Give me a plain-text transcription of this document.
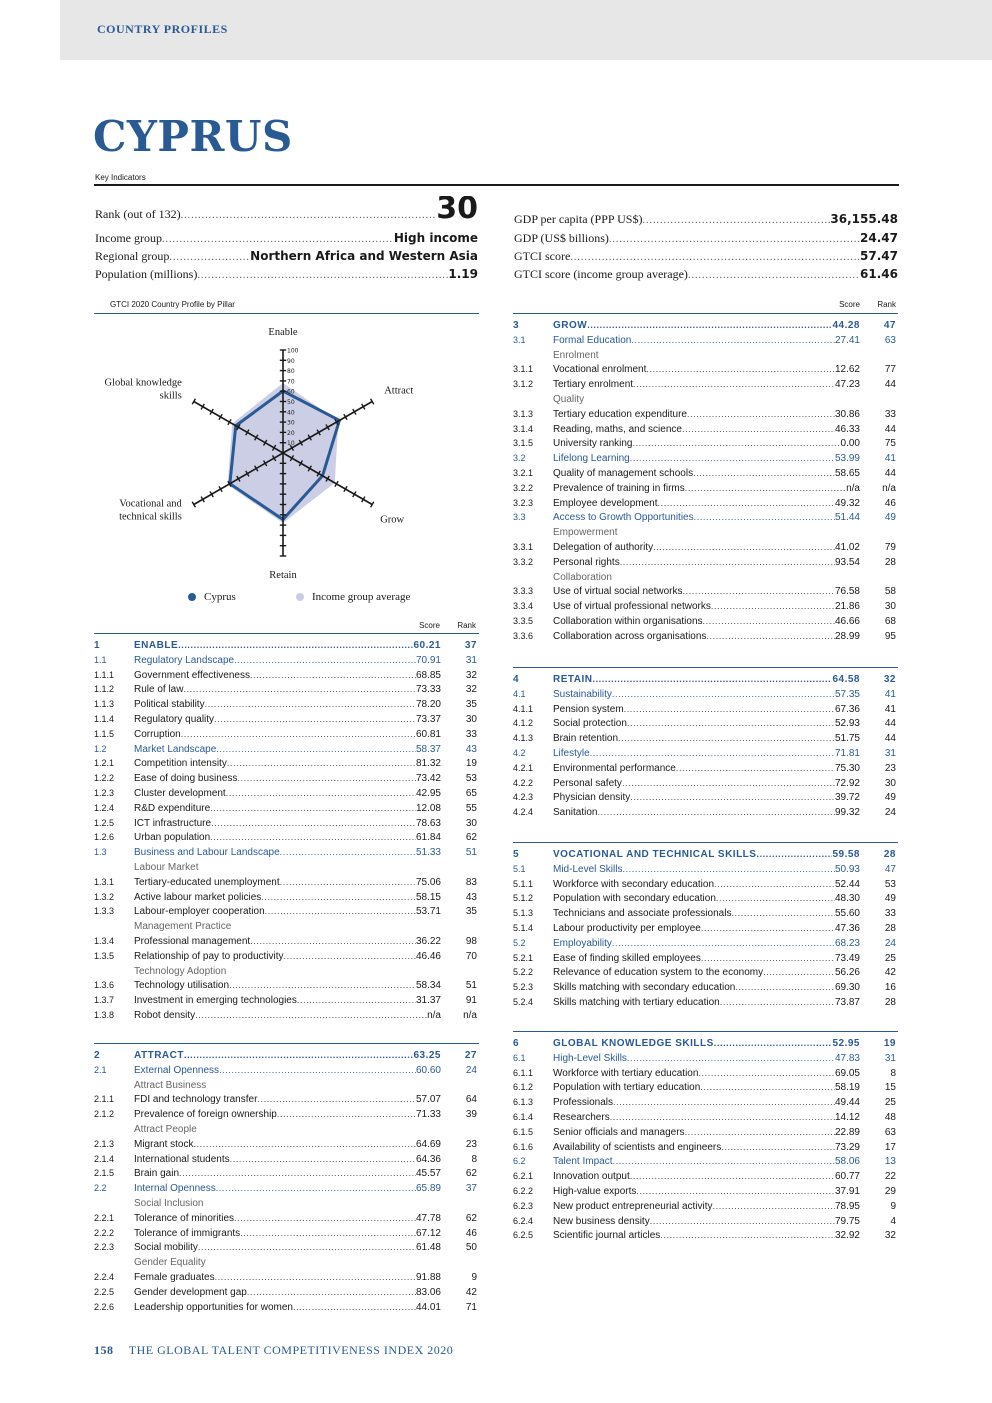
COUNTRY PROFILES
CYPRUS
Key Indicators
Rank (out of 132) .....	30
Income group .....	High income
Regional group .....	Northern Africa and Western Asia
Population (millions) .....	1.19
GDP per capita (PPP US$) .....	36,155.48
GDP (US$ billions) .....	24.47
GTCI score .....	57.47
GTCI score (income group average) .....	61.46
GTCI 2020 Country Profile by Pillar
100
90
80
70
60
50
40
30
20
10
Enable
Attract
Grow
Retain
Vocational and technical skills
Global knowledge skills
Cyprus	Income group average
Score	Rank
Score	Rank
1	ENABLE .....	60.21	37
1.1	Regulatory Landscape .....	70.91	31
1.1.1 Government effectiveness .....	68.85	32
1.1.2 Rule of law .....	73.33	32
1.1.3 Political stability .....	78.20	35
1.1.4 Regulatory quality .....	73.37	30
1.1.5 Corruption .....	60.81	33
1.2	Market Landscape .....	58.37	43
1.2.1 Competition intensity .....	81.32	19
1.2.2 Ease of doing business .....	73.42	53
1.2.3 Cluster development .....	42.95	65
1.2.4 R&D expenditure .....	12.08	55
1.2.5 ICT infrastructure .....	78.63	30
1.2.6 Urban population .....	61.84	62
1.3	Business and Labour Landscape .....	51.33	51
Labour Market
1.3.1 Tertiary-educated unemployment .....	75.06	83
1.3.2 Active labour market policies .....	58.15	43
1.3.3 Labour-employer cooperation .....	53.71	35
Management Practice
1.3.4 Professional management .....	36.22	98
1.3.5 Relationship of pay to productivity .....	46.46	70
Technology Adoption
1.3.6 Technology utilisation .....	58.34	51
1.3.7 Investment in emerging technologies .....	31.37	91
1.3.8 Robot density .....	n/a	n/a
2	ATTRACT .....	63.25	27
2.1	External Openness .....	60.60	24
Attract Business
2.1.1 FDI and technology transfer .....	57.07	64
2.1.2 Prevalence of foreign ownership .....	71.33	39
Attract People
2.1.3 Migrant stock .....	64.69	23
2.1.4 International students .....	64.36	8
2.1.5 Brain gain .....	45.57	62
2.2	Internal Openness .....	65.89	37
Social Inclusion
2.2.1 Tolerance of minorities .....	47.78	62
2.2.2 Tolerance of immigrants .....	67.12	46
2.2.3 Social mobility .....	61.48	50
Gender Equality
2.2.4 Female graduates .....	91.88	9
2.2.5 Gender development gap .....	83.06	42
2.2.6 Leadership opportunities for women .....	44.01	71
3	GROW .....	44.28	47
3.1	Formal Education .....	27.41	63
Enrolment
3.1.1 Vocational enrolment .....	12.62	77
3.1.2 Tertiary enrolment .....	47.23	44
Quality
3.1.3 Tertiary education expenditure .....	30.86	33
3.1.4 Reading, maths, and science .....	46.33	44
3.1.5 University ranking .....	0.00	75
3.2	Lifelong Learning .....	53.99	41
3.2.1 Quality of management schools .....	58.65	44
3.2.2 Prevalence of training in firms .....	n/a	n/a
3.2.3 Employee development .....	49.32	46
3.3	Access to Growth Opportunities .....	51.44	49
Empowerment
3.3.1 Delegation of authority .....	41.02	79
3.3.2 Personal rights .....	93.54	28
Collaboration
3.3.3 Use of virtual social networks .....	76.58	58
3.3.4 Use of virtual professional networks .....	21.86	30
3.3.5 Collaboration within organisations .....	46.66	68
3.3.6 Collaboration across organisations .....	28.99	95
4	RETAIN .....	64.58	32
4.1	Sustainability .....	57.35	41
4.1.1 Pension system .....	67.36	41
4.1.2 Social protection .....	52.93	44
4.1.3 Brain retention .....	51.75	44
4.2	Lifestyle .....	71.81	31
4.2.1 Environmental performance .....	75.30	23
4.2.2 Personal safety .....	72.92	30
4.2.3 Physician density .....	39.72	49
4.2.4 Sanitation .....	99.32	24
5	VOCATIONAL AND TECHNICAL SKILLS .....	59.58	28
5.1	Mid-Level Skills .....	50.93	47
5.1.1 Workforce with secondary education .....	52.44	53
5.1.2 Population with secondary education .....	48.30	49
5.1.3 Technicians and associate professionals .....	55.60	33
5.1.4 Labour productivity per employee .....	47.36	28
5.2	Employability .....	68.23	24
5.2.1 Ease of finding skilled employees .....	73.49	25
5.2.2 Relevance of education system to the economy .....	56.26	42
5.2.3 Skills matching with secondary education .....	69.30	16
5.2.4 Skills matching with tertiary education .....	73.87	28
6	GLOBAL KNOWLEDGE SKILLS .....	52.95	19
6.1	High-Level Skills .....	47.83	31
6.1.1 Workforce with tertiary education .....	69.05	8
6.1.2 Population with tertiary education .....	58.19	15
6.1.3 Professionals .....	49.44	25
6.1.4 Researchers .....	14.12	48
6.1.5 Senior officials and managers .....	22.89	63
6.1.6 Availability of scientists and engineers .....	73.29	17
6.2	Talent Impact .....	58.06	13
6.2.1 Innovation output .....	60.77	22
6.2.2 High-value exports .....	37.91	29
6.2.3 New product entrepreneurial activity .....	78.95	9
6.2.4 New business density .....	79.75	4
6.2.5 Scientific journal articles .....	32.92	32
158 THE GLOBAL TALENT COMPETITIVENESS INDEX 2020
